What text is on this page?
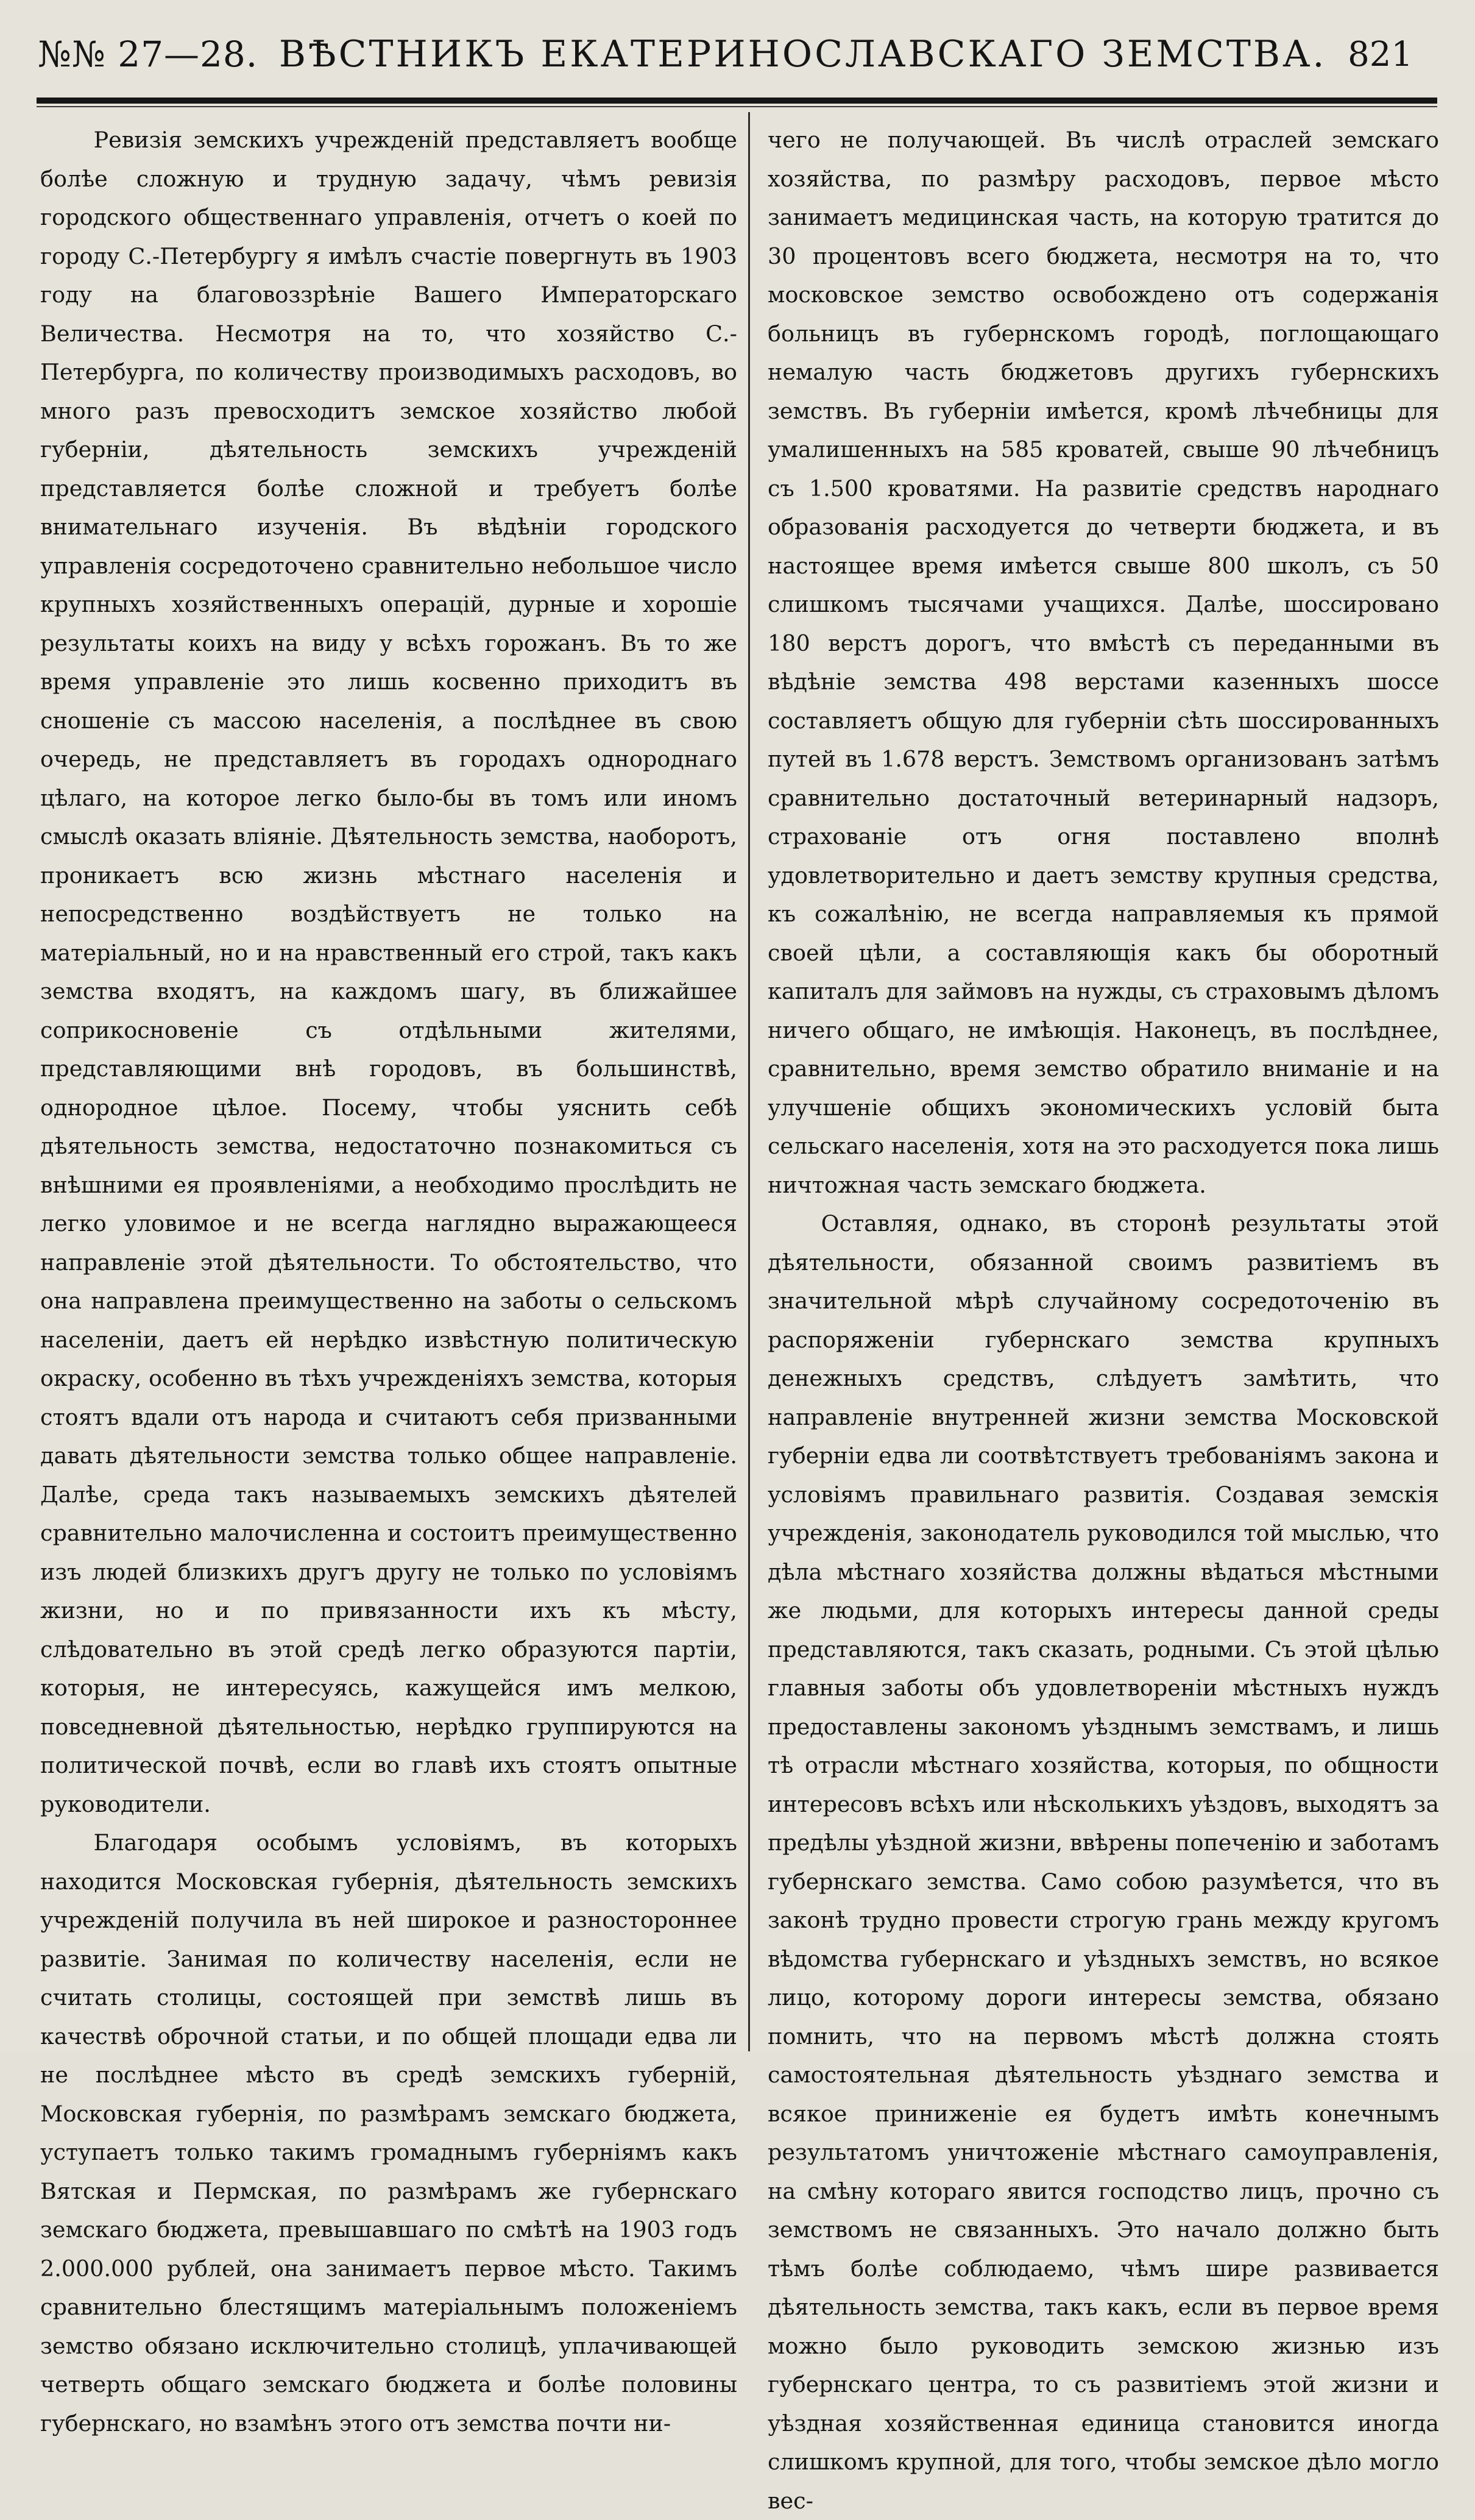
№№ 27—28. ВѢСТНИКЪ ЕКАТЕРИНОСЛАВСКАГО ЗЕМСТВА. 821

Ревизія земскихъ учрежденій представляетъ вообще болѣе сложную и трудную задачу, чѣмъ ревизія городского общественнаго управленія, отчетъ о коей по городу С.-Петербургу я имѣлъ счастіе повергнуть въ 1903 году на благовоззрѣніе Вашего Императорскаго Величества. Несмотря на то, что хозяйство С.-Петербурга, по количеству производимыхъ расходовъ, во много разъ превосходитъ земское хозяйство любой губерніи, дѣятельность земскихъ учрежденій представляется болѣе сложной и требуетъ болѣе внимательнаго изученія. Въ вѣдѣніи городского управленія сосредоточено сравнительно небольшое число крупныхъ хозяйственныхъ операцій, дурные и хорошіе результаты коихъ на виду у всѣхъ горожанъ. Въ то же время управленіе это лишь косвенно приходитъ въ сношеніе съ массою населенія, а послѣднее въ свою очередь, не представляетъ въ городахъ однороднаго цѣлаго, на которое легко было-бы въ томъ или иномъ смыслѣ оказать вліяніе. Дѣятельность земства, наоборотъ, проникаетъ всю жизнь мѣстнаго населенія и непосредственно воздѣйствуетъ не только на матеріальный, но и на нравственный его строй, такъ какъ земства входятъ, на каждомъ шагу, въ ближайшее соприкосновеніе съ отдѣльными жителями, представляющими внѣ городовъ, въ большинствѣ, однородное цѣлое. Посему, чтобы уяснить себѣ дѣятельность земства, недостаточно познакомиться съ внѣшними ея проявленіями, а необходимо прослѣдить не легко уловимое и не всегда наглядно выражающееся направленіе этой дѣятельности. То обстоятельство, что она направлена преимущественно на заботы о сельскомъ населеніи, даетъ ей нерѣдко извѣстную политическую окраску, особенно въ тѣхъ учрежденіяхъ земства, которыя стоятъ вдали отъ народа и считаютъ себя призванными давать дѣятельности земства только общее направленіе. Далѣе, среда такъ называемыхъ земскихъ дѣятелей сравнительно малочисленна и состоитъ преимущественно изъ людей близкихъ другъ другу не только по условіямъ жизни, но и по привязанности ихъ къ мѣсту, слѣдовательно въ этой средѣ легко образуются партіи, которыя, не интересуясь, кажущейся имъ мелкою, повседневной дѣятельностью, нерѣдко группируются на политической почвѣ, если во главѣ ихъ стоятъ опытные руководители.

Благодаря особымъ условіямъ, въ которыхъ находится Московская губернія, дѣятельность земскихъ учрежденій получила въ ней широкое и разностороннее развитіе. Занимая по количеству населенія, если не считать столицы, состоящей при земствѣ лишь въ качествѣ оброчной статьи, и по общей площади едва ли не послѣднее мѣсто въ средѣ земскихъ губерній, Московская губернія, по размѣрамъ земскаго бюджета, уступаетъ только такимъ громаднымъ губерніямъ какъ Вятская и Пермская, по размѣрамъ же губернскаго земскаго бюджета, превышавшаго по смѣтѣ на 1903 годъ 2.000.000 рублей, она занимаетъ первое мѣсто. Такимъ сравнительно блестящимъ матеріальнымъ положеніемъ земство обязано исключительно столицѣ, уплачивающей четверть общаго земскаго бюджета и болѣе половины губернскаго, но взамѣнъ этого отъ земства почти ни-

чего не получающей. Въ числѣ отраслей земскаго хозяйства, по размѣру расходовъ, первое мѣсто занимаетъ медицинская часть, на которую тратится до 30 процентовъ всего бюджета, несмотря на то, что московское земство освобождено отъ содержанія больницъ въ губернскомъ городѣ, поглощающаго немалую часть бюджетовъ другихъ губернскихъ земствъ. Въ губерніи имѣется, кромѣ лѣчебницы для умалишенныхъ на 585 кроватей, свыше 90 лѣчебницъ съ 1.500 кроватями. На развитіе средствъ народнаго образованія расходуется до четверти бюджета, и въ настоящее время имѣется свыше 800 школъ, съ 50 слишкомъ тысячами учащихся. Далѣе, шоссировано 180 верстъ дорогъ, что вмѣстѣ съ переданными въ вѣдѣніе земства 498 верстами казенныхъ шоссе составляетъ общую для губерніи сѣть шоссированныхъ путей въ 1.678 верстъ. Земствомъ организованъ затѣмъ сравнительно достаточный ветеринарный надзоръ, страхованіе отъ огня поставлено вполнѣ удовлетворительно и даетъ земству крупныя средства, къ сожалѣнію, не всегда направляемыя къ прямой своей цѣли, а составляющія какъ бы оборотный капиталъ для займовъ на нужды, съ страховымъ дѣломъ ничего общаго, не имѣющія. Наконецъ, въ послѣднее, сравнительно, время земство обратило вниманіе и на улучшеніе общихъ экономическихъ условій быта сельскаго населенія, хотя на это расходуется пока лишь ничтожная часть земскаго бюджета.

Оставляя, однако, въ сторонѣ результаты этой дѣятельности, обязанной своимъ развитіемъ въ значительной мѣрѣ случайному сосредоточенію въ распоряженіи губернскаго земства крупныхъ денежныхъ средствъ, слѣдуетъ замѣтить, что направленіе внутренней жизни земства Московской губерніи едва ли соотвѣтствуетъ требованіямъ закона и условіямъ правильнаго развитія. Создавая земскія учрежденія, законодатель руководился той мыслью, что дѣла мѣстнаго хозяйства должны вѣдаться мѣстными же людьми, для которыхъ интересы данной среды представляются, такъ сказать, родными. Съ этой цѣлью главныя заботы объ удовлетвореніи мѣстныхъ нуждъ предоставлены закономъ уѣзднымъ земствамъ, и лишь тѣ отрасли мѣстнаго хозяйства, которыя, по общности интересовъ всѣхъ или нѣсколькихъ уѣздовъ, выходятъ за предѣлы уѣздной жизни, ввѣрены попеченію и заботамъ губернскаго земства. Само собою разумѣется, что въ законѣ трудно провести строгую грань между кругомъ вѣдомства губернскаго и уѣздныхъ земствъ, но всякое лицо, которому дороги интересы земства, обязано помнить, что на первомъ мѣстѣ должна стоять самостоятельная дѣятельность уѣзднаго земства и всякое приниженіе ея будетъ имѣть конечнымъ результатомъ уничтоженіе мѣстнаго самоуправленія, на смѣну котораго явится господство лицъ, прочно съ земствомъ не связанныхъ. Это начало должно быть тѣмъ болѣе соблюдаемо, чѣмъ шире развивается дѣятельность земства, такъ какъ, если въ первое время можно было руководить земскою жизнью изъ губернскаго центра, то съ развитіемъ этой жизни и уѣздная хозяйственная единица становится иногда слишкомъ крупной, для того, чтобы земское дѣло могло вес-
